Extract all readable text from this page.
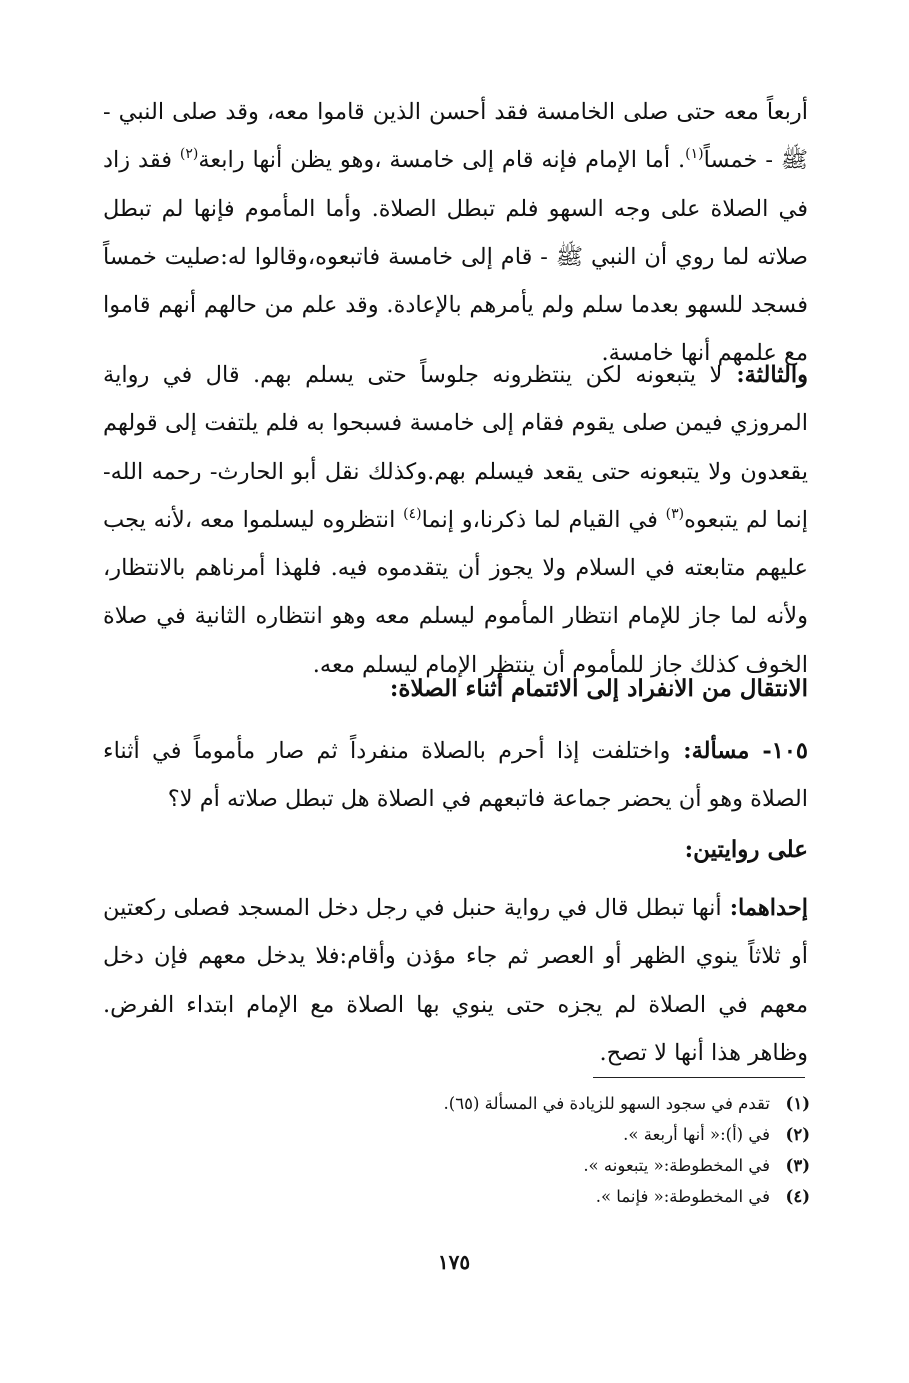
أربعاً معه حتى صلى الخامسة فقد أحسن الذين قاموا معه، وقد صلى النبي - ﷺ - خمساً$^{(١)}$. أما الإمام فإنه قام إلى خامسة ،وهو يظن أنها رابعة$^{(٢)}$ فقد زاد في الصلاة على وجه السهو فلم تبطل الصلاة. وأما المأموم فإنها لم تبطل صلاته لما روي أن النبي ﷺ - قام إلى خامسة فاتبعوه،وقالوا له:صليت خمساً فسجد للسهو بعدما سلم ولم يأمرهم بالإعادة. وقد علم من حالهم أنهم قاموا مع علمهم أنها خامسة.

والثالثة: لا يتبعونه لكن ينتظرونه جلوساً حتى يسلم بهم. قال في رواية المروزي فيمن صلى يقوم فقام إلى خامسة فسبحوا به فلم يلتفت إلى قولهم يقعدون ولا يتبعونه حتى يقعد فيسلم بهم.وكذلك نقل أبو الحارث- رحمه الله- إنما لم يتبعوه$^{(٣)}$ في القيام لما ذكرنا،و إنما$^{(٤)}$ انتظروه ليسلموا معه ،لأنه يجب عليهم متابعته في السلام ولا يجوز أن يتقدموه فيه. فلهذا أمرناهم بالانتظار، ولأنه لما جاز للإمام انتظار المأموم ليسلم معه وهو انتظاره الثانية في صلاة الخوف كذلك جاز للمأموم أن ينتظر الإمام ليسلم معه.

الانتقال من الانفراد إلى الائتمام أثناء الصلاة:

١٠٥- مسألة: واختلفت إذا أحرم بالصلاة منفرداً ثم صار مأموماً في أثناء الصلاة وهو أن يحضر جماعة فاتبعهم في الصلاة هل تبطل صلاته أم لا؟

على روايتين:

إحداهما: أنها تبطل قال في رواية حنبل في رجل دخل المسجد فصلى ركعتين أو ثلاثاً ينوي الظهر أو العصر ثم جاء مؤذن وأقام:فلا يدخل معهم فإن دخل معهم في الصلاة لم يجزه حتى ينوي بها الصلاة مع الإمام ابتداء الفرض. وظاهر هذا أنها لا تصح.

(١)تقدم في سجود السهو للزيادة في المسألة (٦٥).
(٢)في (أ):« أنها أربعة ».
(٣)في المخطوطة:« يتبعونه ».
(٤)في المخطوطة:« فإنما ».
١٧٥
